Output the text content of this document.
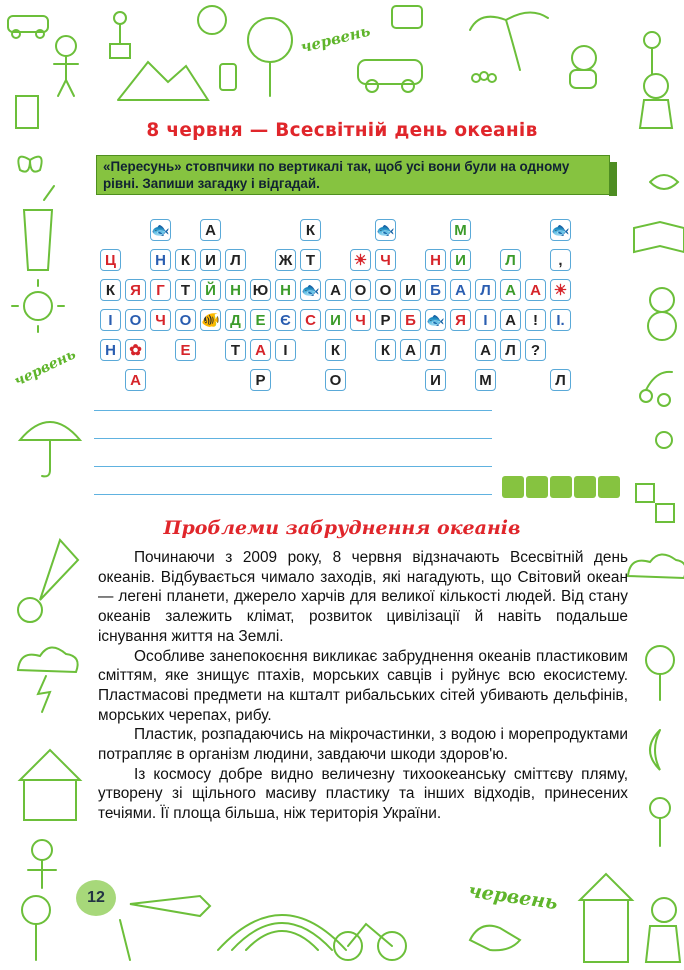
червень
червень
червень
8 червня — Всесвітній день океанів
«Пересунь» стовпчики по вертикалі так, щоб усі вони були на одному рівні. Запиши загадку і відгадай.
Ц
К
І
Н
Я
О
✿
А
🐟
Н
Г
Ч
К
Т
О
Е
А
И
Й
🐠
Л
Н
Д
Т
Ю
Е
А
Р
Ж
Н
Є
І
К
Т
🐟
С
А
И
К
О
☀
О
Ч
🐟
Ч
О
Р
К
И
Б
А
Н
Б
🐟
Л
И
М
И
А
Я
Л
І
А
М
Л
А
А
Л
А
!
?
🐟
,
☀
І.
Л
Проблеми забруднення океанів

Починаючи з 2009 року, 8 червня відзначають Всесвітній день океанів. Відбувається чимало заходів, які нагадують, що Світовий океан — легені планети, джерело харчів для великої кількості людей. Від стану океанів залежить клімат, розвиток цивілізації й навіть подальше існування життя на Землі.

Особливе занепокоєння викликає забруднення океанів пластиковим сміттям, яке знищує птахів, морських савців і руйнує всю екосистему. Пластмасові предмети на кшталт рибальських сітей убивають дельфінів, морських черепах, рибу.

Пластик, розпадаючись на мікрочастинки, з водою і морепродуктами потрапляє в організм людини, завдаючи шкоди здоров'ю.

Із космосу добре видно величезну тихоокеанську сміттєву пляму, утворену зі щільного масиву пластику та інших відходів, принесених течіями. Її площа більша, ніж територія України.

12
